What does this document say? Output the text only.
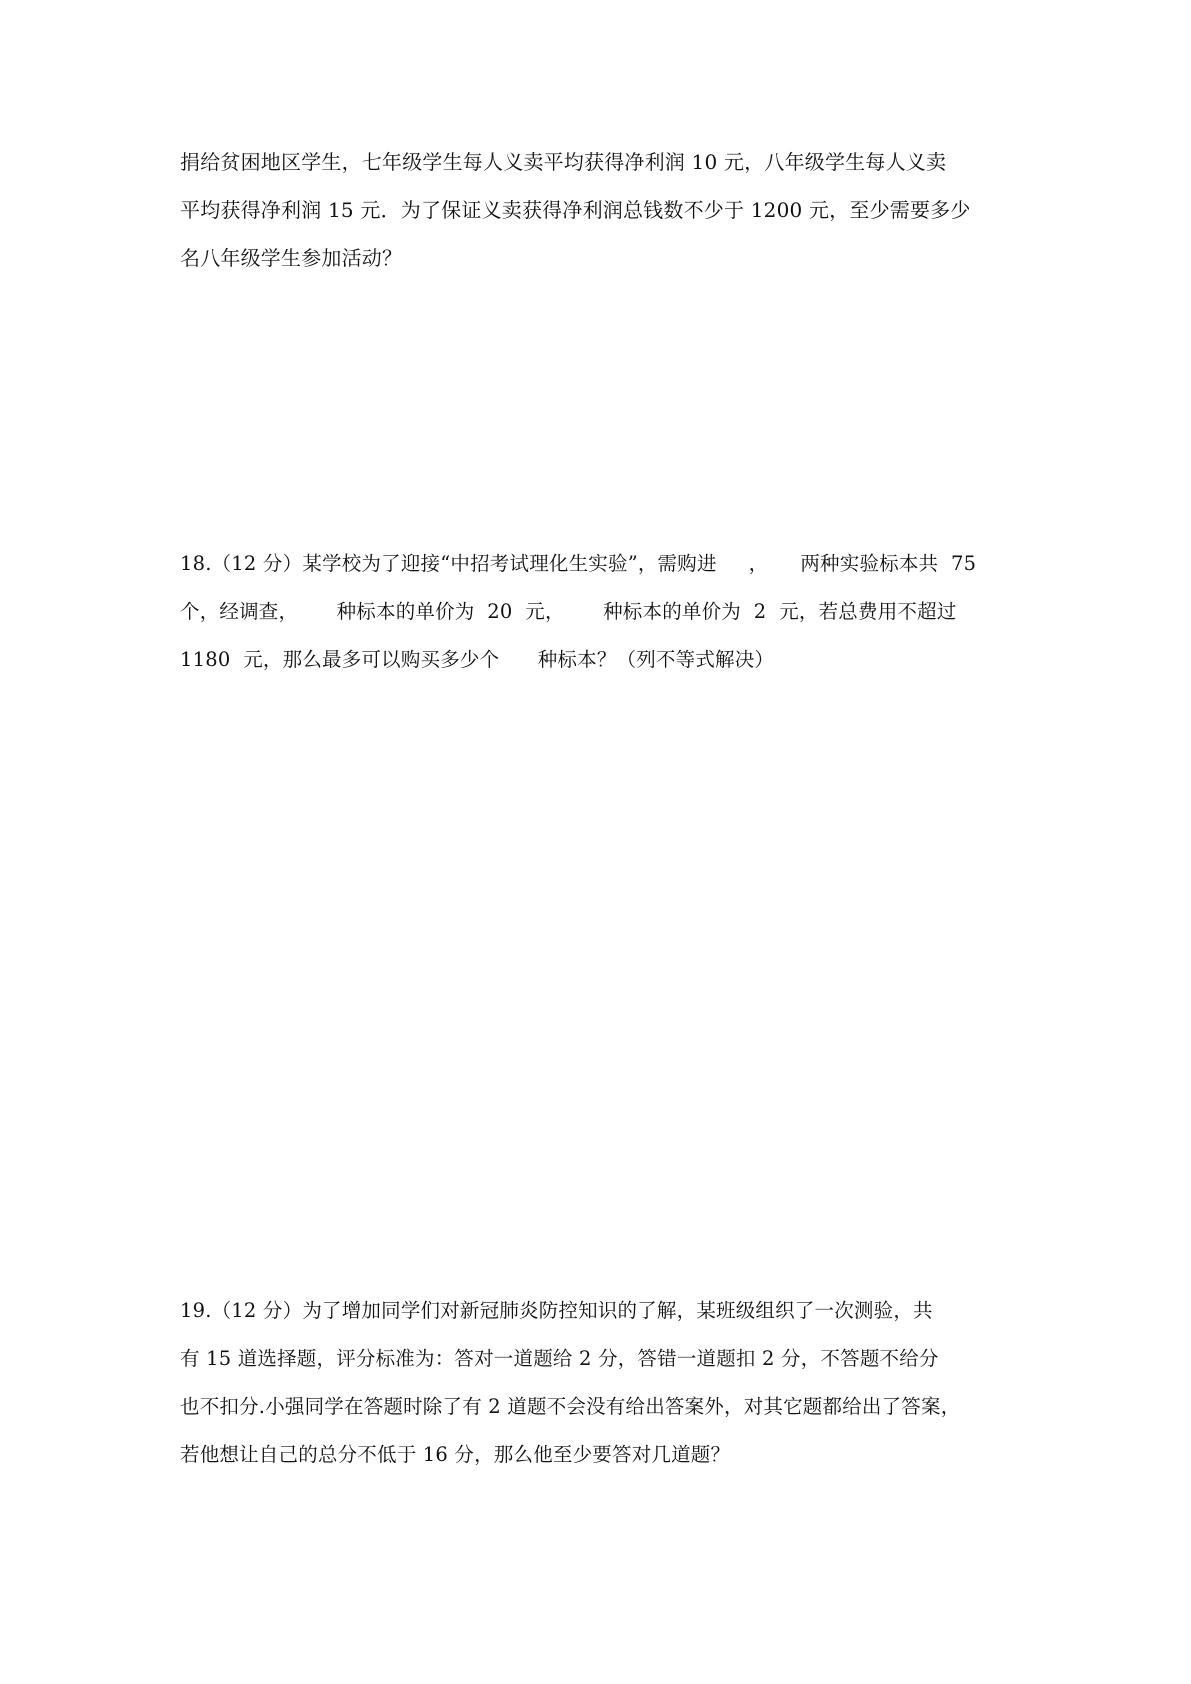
捐给贫困地区学生，七年级学生每人义卖平均获得净利润 10 元，八年级学生每人义卖
平均获得净利润 15 元．为了保证义卖获得净利润总钱数不少于 1200 元，至少需要多少
名八年级学生参加活动？
18.（12 分）某学校为了迎接“中招考试理化生实验”，需购进     ，     两种实验标本共  75
个，经调查，      种标本的单价为  20  元，      种标本的单价为  2  元，若总费用不超过
1180  元，那么最多可以购买多少个      种标本？（列不等式解决）
19.（12 分）为了增加同学们对新冠肺炎防控知识的了解，某班级组织了一次测验，共
有 15 道选择题，评分标准为：答对一道题给 2 分，答错一道题扣 2 分，不答题不给分
也不扣分.小强同学在答题时除了有 2 道题不会没有给出答案外，对其它题都给出了答案，
若他想让自己的总分不低于 16 分，那么他至少要答对几道题？
